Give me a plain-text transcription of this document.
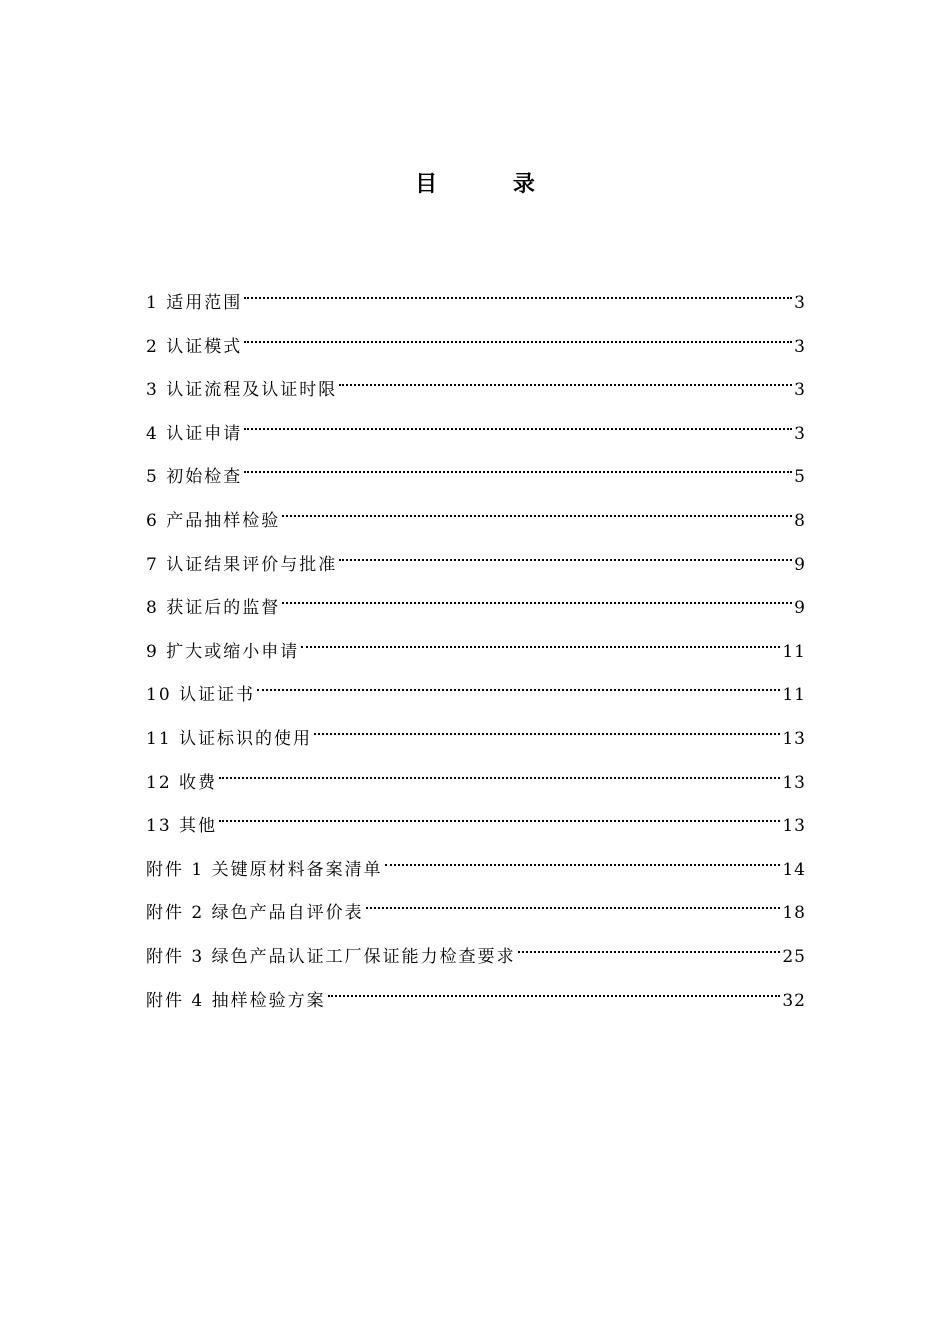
目 录
1 适用范围	3
2 认证模式	3
3 认证流程及认证时限	3
4 认证申请	3
5 初始检查	5
6 产品抽样检验	8
7 认证结果评价与批准	9
8 获证后的监督	9
9 扩大或缩小申请	11
10 认证证书	11
11 认证标识的使用	13
12 收费	13
13 其他	13
附件 1 关键原材料备案清单	14
附件 2 绿色产品自评价表	18
附件 3 绿色产品认证工厂保证能力检查要求	25
附件 4 抽样检验方案	32
